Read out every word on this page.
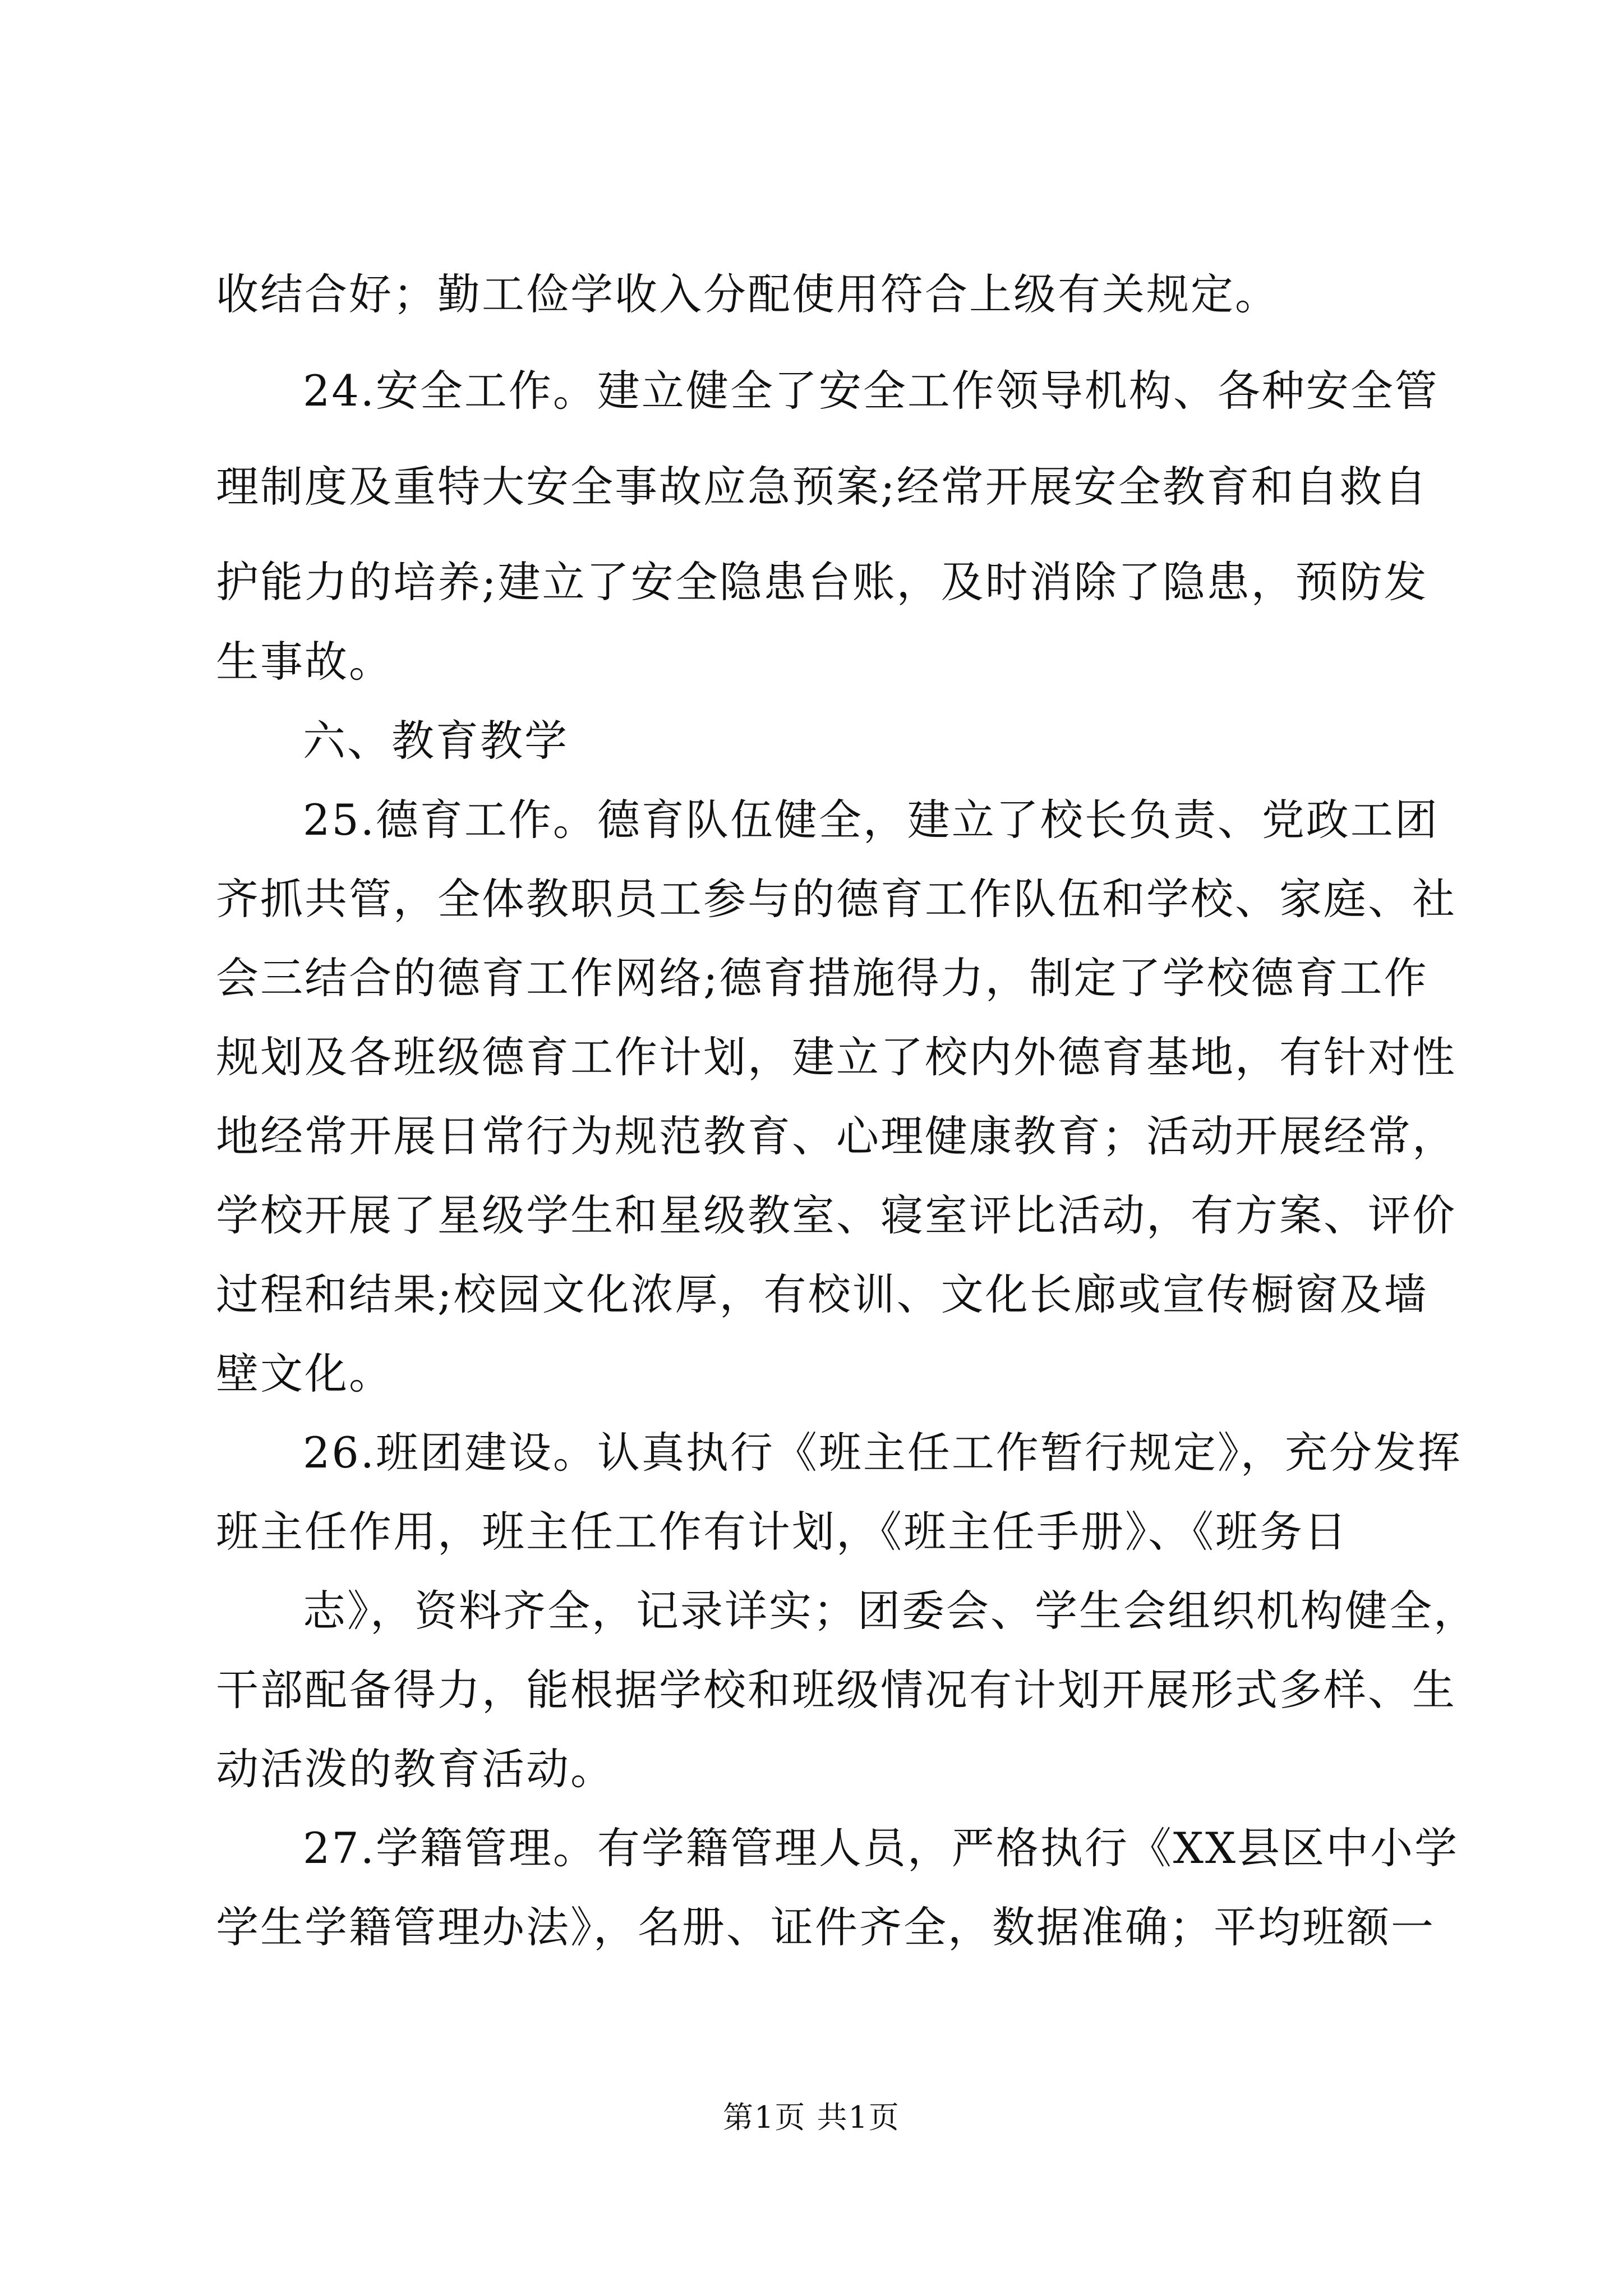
收结合好；勤工俭学收入分配使用符合上级有关规定。
24.安全工作。建立健全了安全工作领导机构、各种安全管
理制度及重特大安全事故应急预案;经常开展安全教育和自救自
护能力的培养;建立了安全隐患台账，及时消除了隐患，预防发
生事故。
六、教育教学
25.德育工作。德育队伍健全，建立了校长负责、党政工团
齐抓共管，全体教职员工参与的德育工作队伍和学校、家庭、社
会三结合的德育工作网络;德育措施得力，制定了学校德育工作
规划及各班级德育工作计划，建立了校内外德育基地，有针对性
地经常开展日常行为规范教育、心理健康教育；活动开展经常，
学校开展了星级学生和星级教室、寝室评比活动，有方案、评价
过程和结果;校园文化浓厚，有校训、文化长廊或宣传橱窗及墙
壁文化。
26.班团建设。认真执行《班主任工作暂行规定》，充分发挥
班主任作用，班主任工作有计划，《班主任手册》、《班务日
志》，资料齐全，记录详实；团委会、学生会组织机构健全，
干部配备得力，能根据学校和班级情况有计划开展形式多样、生
动活泼的教育活动。
27.学籍管理。有学籍管理人员，严格执行《XX县区中小学
学生学籍管理办法》，名册、证件齐全，数据准确；平均班额一
第1页 共1页
